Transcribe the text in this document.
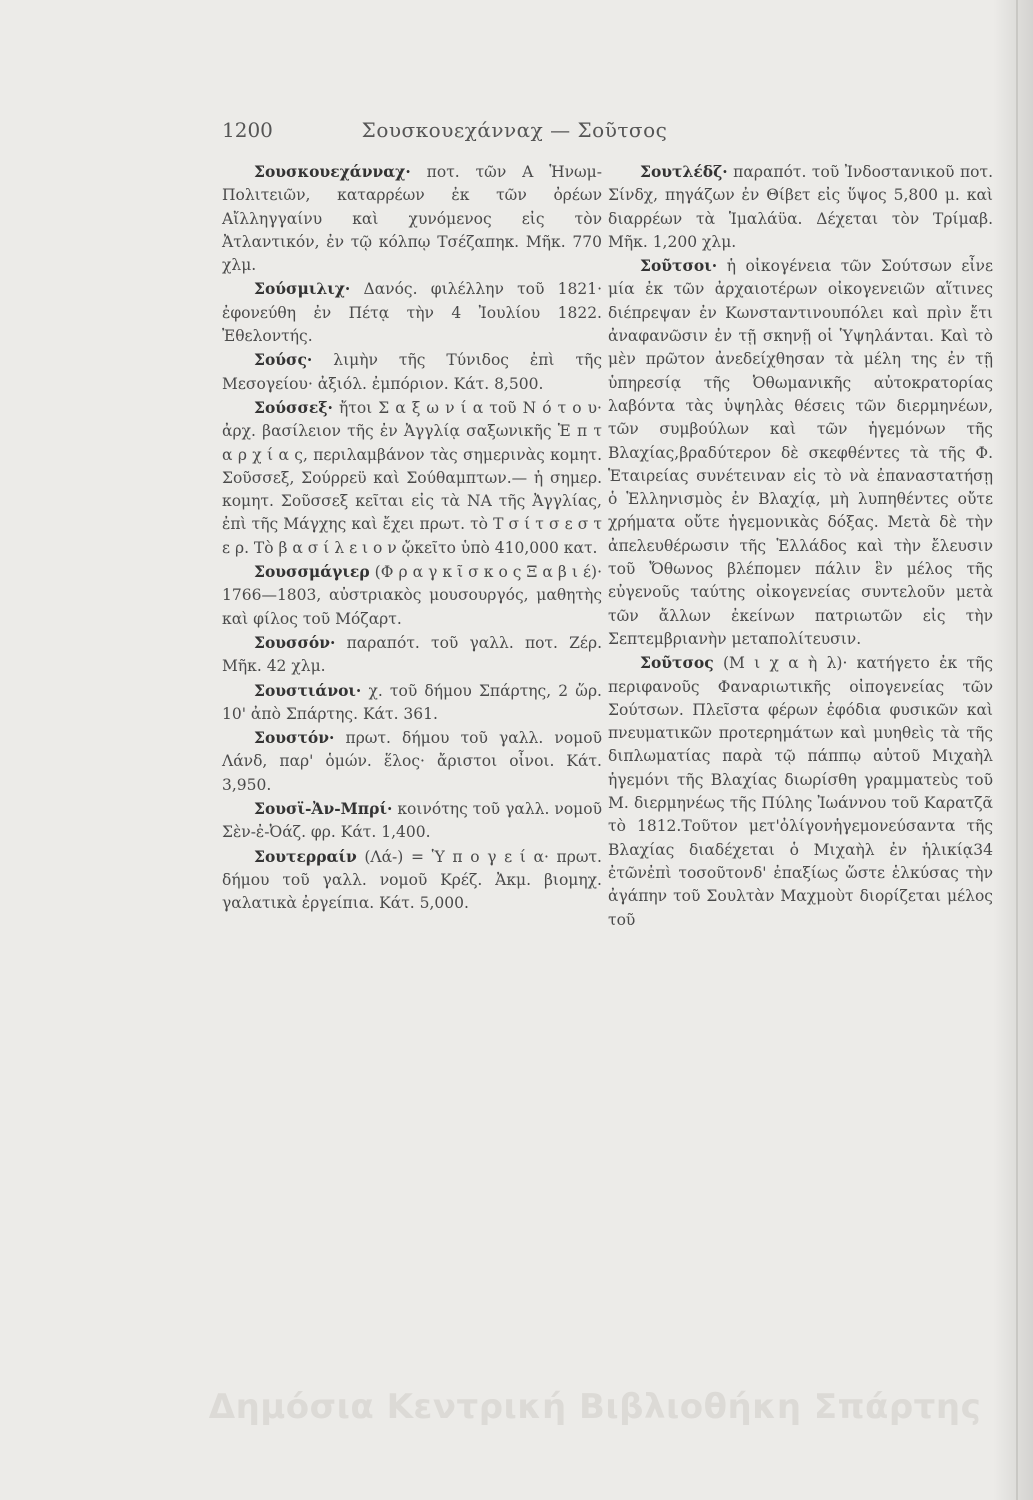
1200	Σουσκουεχάνναχ — Σοῦτσος

Σουσκουεχάνναχ· ποτ. τῶν Α Ἡνωμ-Πολιτειῶν, καταρρέων ἐκ τῶν ὀρέων Αἴλληγγαίνυ καὶ χυνόμενος εἰς τὸν Ἀτλαντικόν, ἐν τῷ κόλπῳ Τσέζαπηκ. Μῆκ. 770 χλμ.

Σούσμιλιχ· Δανός. φιλέλλην τοῦ 1821· ἐφονεύθη ἐν Πέτᾳ τὴν 4 Ἰουλίου 1822. Ἐθελοντής.

Σούσς· λιμὴν τῆς Τύνιδος ἐπὶ τῆς Μεσογείου· ἀξιόλ. ἐμπόριον. Κάτ. 8,500.

Σούσσεξ· ἤτοι Σ α ξ ω ν ί α τοῦ Ν ό τ ο υ· ἀρχ. βασίλειον τῆς ἐν Ἀγγλίᾳ σαξωνικῆς Ἑ π τ α ρ χ ί α ς, περιλαμβάνον τὰς σημερινὰς κομητ. Σοῦσσεξ, Σούρρεϋ καὶ Σούθαμπτων.— ἡ σημερ. κομητ. Σοῦσσεξ κεῖται εἰς τὰ ΝΑ τῆς Ἀγγλίας, ἐπὶ τῆς Μάγχης καὶ ἔχει πρωτ. τὸ Τ σ ί τ σ ε σ τ ε ρ. Τὸ β α σ ί λ ε ι ο ν ᾤκεῖτο ὑπὸ 410,000 κατ.

Σουσσμάγιερ (Φ ρ α γ κ ῖ σ κ ο ς Ξ α β ι έ)· 1766—1803, αὐστριακὸς μουσουργός, μαθητὴς καὶ φίλος τοῦ Μόζαρτ.

Σουσσόν· παραπότ. τοῦ γαλλ. ποτ. Ζέρ. Μῆκ. 42 χλμ.

Σουστιάνοι· χ. τοῦ δήμου Σπάρτης, 2 ὥρ. 10' ἀπὸ Σπάρτης. Κάτ. 361.

Σουστόν· πρωτ. δήμου τοῦ γαλλ. νομοῦ Λάνδ, παρ' ὁμών. ἕλος· ἄριστοι οἶνοι. Κάτ. 3,950.

Σουσϊ-Ἀν-Μπρί· κοινότης τοῦ γαλλ. νομοῦ Σὲν-ἐ-Ὀάζ. φρ. Κάτ. 1,400.

Σουτερραίν (Λά-) = Ὑ π ο γ ε ί α· πρωτ. δήμου τοῦ γαλλ. νομοῦ Κρέζ. Ἀκμ. βιομηχ. γαλατικὰ ἐργείπια. Κάτ. 5,000.

Σουτλέδζ· παραπότ. τοῦ Ἰνδοστανικοῦ ποτ. Σίνδχ, πηγάζων ἐν Θίβετ εἰς ὕψος 5,800 μ. καὶ διαρρέων τὰ Ἱμαλάϋα. Δέχεται τὸν Τρίμαβ. Μῆκ. 1,200 χλμ.

Σοῦτσοι· ἡ οἰκογένεια τῶν Σούτσων εἶνε μία ἐκ τῶν ἀρχαιοτέρων οἰκογενειῶν αἵτινες διέπρεψαν ἐν Κωνσταντινουπόλει καὶ πρὶν ἔτι ἀναφανῶσιν ἐν τῇ σκηνῇ οἱ Ὑψηλάνται. Καὶ τὸ μὲν πρῶτον ἀνεδείχθησαν τὰ μέλη της ἐν τῇ ὑπηρεσίᾳ τῆς Ὀθωμανικῆς αὐτοκρατορίας λαβόντα τὰς ὑψηλὰς θέσεις τῶν διερμηνέων, τῶν συμβούλων καὶ τῶν ἡγεμόνων τῆς Βλαχίας,βραδύτερον δὲ σκεφθέντες τὰ τῆς Φ. Ἑταιρείας συνέτειναν εἰς τὸ νὰ ἐπαναστατήσῃ ὁ Ἑλληνισμὸς ἐν Βλαχίᾳ, μὴ λυπηθέντες οὔτε χρήματα οὔτε ἡγεμονικὰς δόξας. Μετὰ δὲ τὴν ἀπελευθέρωσιν τῆς Ἑλλάδος καὶ τὴν ἔλευσιν τοῦ Ὄθωνος βλέπομεν πάλιν ἓν μέλος τῆς εὐγενοῦς ταύτης οἰκογενείας συντελοῦν μετὰ τῶν ἄλλων ἐκείνων πατριωτῶν εἰς τὴν Σεπτεμβριανὴν μεταπολίτευσιν.

Σοῦτσος (Μ ι χ α ὴ λ)· κατήγετο ἐκ τῆς περιφανοῦς Φαναριωτικῆς οἰπογενείας τῶν Σούτσων. Πλεῖστα φέρων ἐφόδια φυσικῶν καὶ πνευματικῶν προτερημάτων καὶ μυηθεὶς τὰ τῆς διπλωματίας παρὰ τῷ πάππῳ αὐτοῦ Μιχαὴλ ἡγεμόνι τῆς Βλαχίας διωρίσθη γραμματεὺς τοῦ Μ. διερμηνέως τῆς Πύλης Ἰωάννου τοῦ Καρατζᾶ τὸ 1812.Τοῦτον μετ'ὀλίγονἡγεμονεύσαντα τῆς Βλαχίας διαδέχεται ὁ Μιχαὴλ ἐν ἡλικίᾳ34 ἐτῶνἐπὶ τοσοῦτονδ' ἐπαξίως ὥστε ἑλκύσας τὴν ἀγάπην τοῦ Σουλτὰν Μαχμοὺτ διορίζεται μέλος τοῦ

Δημόσια Κεντρική Βιβλιοθήκη Σπάρτης
